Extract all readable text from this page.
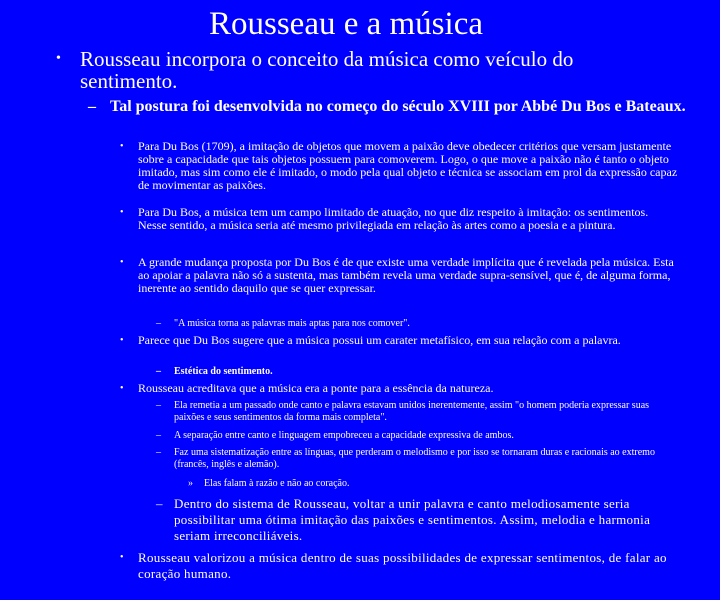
Rousseau e a música
• Rousseau incorpora o conceito da música como veículo do sentimento.
– Tal postura foi desenvolvida no começo do século XVIII por Abbé Du Bos e Bateaux.
• Para Du Bos (1709), a imitação de objetos que movem a paixão deve obedecer critérios que versam justamente sobre a capacidade que tais objetos possuem para comoverem. Logo, o que move a paixão não é tanto o objeto imitado, mas sim como ele é imitado, o modo pela qual objeto e técnica se associam em prol da expressão capaz de movimentar as paixões.
• Para Du Bos, a música tem um campo limitado de atuação, no que diz respeito à imitação: os sentimentos. Nesse sentido, a música seria até mesmo privilegiada em relação às artes como a poesia e a pintura.
• A grande mudança proposta por Du Bos é de que existe uma verdade implícita que é revelada pela música. Esta ao apoiar a palavra não só a sustenta, mas também revela uma verdade supra-sensível, que é, de alguma forma, inerente ao sentido daquilo que se quer expressar.
– "A música torna as palavras mais aptas para nos comover".
• Parece que Du Bos sugere que a música possui um carater metafísico, em sua relação com a palavra.
– Estética do sentimento.
• Rousseau acreditava que a música era a ponte para a essência da natureza.
– Ela remetia a um passado onde canto e palavra estavam unidos inerentemente, assim "o homem poderia expressar suas paixões e seus sentimentos da forma mais completa".
– A separação entre canto e linguagem empobreceu a capacidade expressiva de ambos.
– Faz uma sistematização entre as línguas, que perderam o melodismo e por isso se tornaram duras e racionais ao extremo (francês, inglês e alemão).
» Elas falam à razão e não ao coração.
– Dentro do sistema de Rousseau, voltar a unir palavra e canto melodiosamente seria possibilitar uma ótima imitação das paixões e sentimentos. Assim, melodia e harmonia seriam irreconciliáveis.
• Rousseau valorizou a música dentro de suas possibilidades de expressar sentimentos, de falar ao coração humano.
